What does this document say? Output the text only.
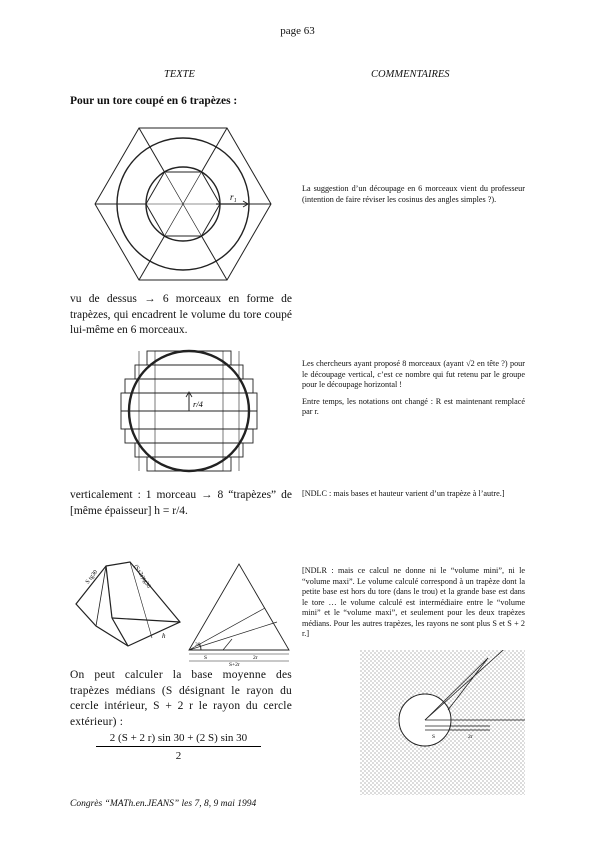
page 63
TEXTE	COMMENTAIRES
Pour un tore coupé en 6 trapèzes :
r₁
La suggestion d’un découpage en 6 morceaux vient du professeur (intention de faire réviser les cosinus des angles simples ?).
vu de dessus → 6 morceaux en forme de trapèzes, qui encadrent le volume du tore coupé lui-même en 6 morceaux.
r/4

Les chercheurs ayant proposé 8 morceaux (ayant √2 en tête ?) pour le découpage vertical, c’est ce nombre qui fut retenu par le groupe pour le découpage horizontal !

Entre temps, les notations ont changé : R est maintenant remplacé par r.

verticalement : 1 morceau → 8 “trapèzes” de [même épaisseur] h = r/4.
[NDLC : mais bases et hauteur varient d’un trapèze à l’autre.]
(S+2r)tg30
S tg30
h
30
S	2r
S+2r
[NDLR : mais ce calcul ne donne ni le “volume mini”, ni le “volume maxi”. Le volume calculé correspond à un trapèze dont la petite base est hors du tore (dans le trou) et la grande base est dans le tore … le volume calculé est intermédiaire entre le “volume mini” et le “volume maxi”, et seulement pour les deux trapèzes médians. Pour les autres trapèzes, les rayons ne sont plus S et S + 2 r.]
On peut calculer la base moyenne des trapèzes médians (S désignant le rayon du cercle intérieur, S + 2 r le rayon du cercle extérieur) :
$\frac{2 (S + 2 r) \sin 30 + (2 S) \sin 30}{2}$	S	2r
Congrès “MATh.en.JEANS” les 7, 8, 9 mai 1994
